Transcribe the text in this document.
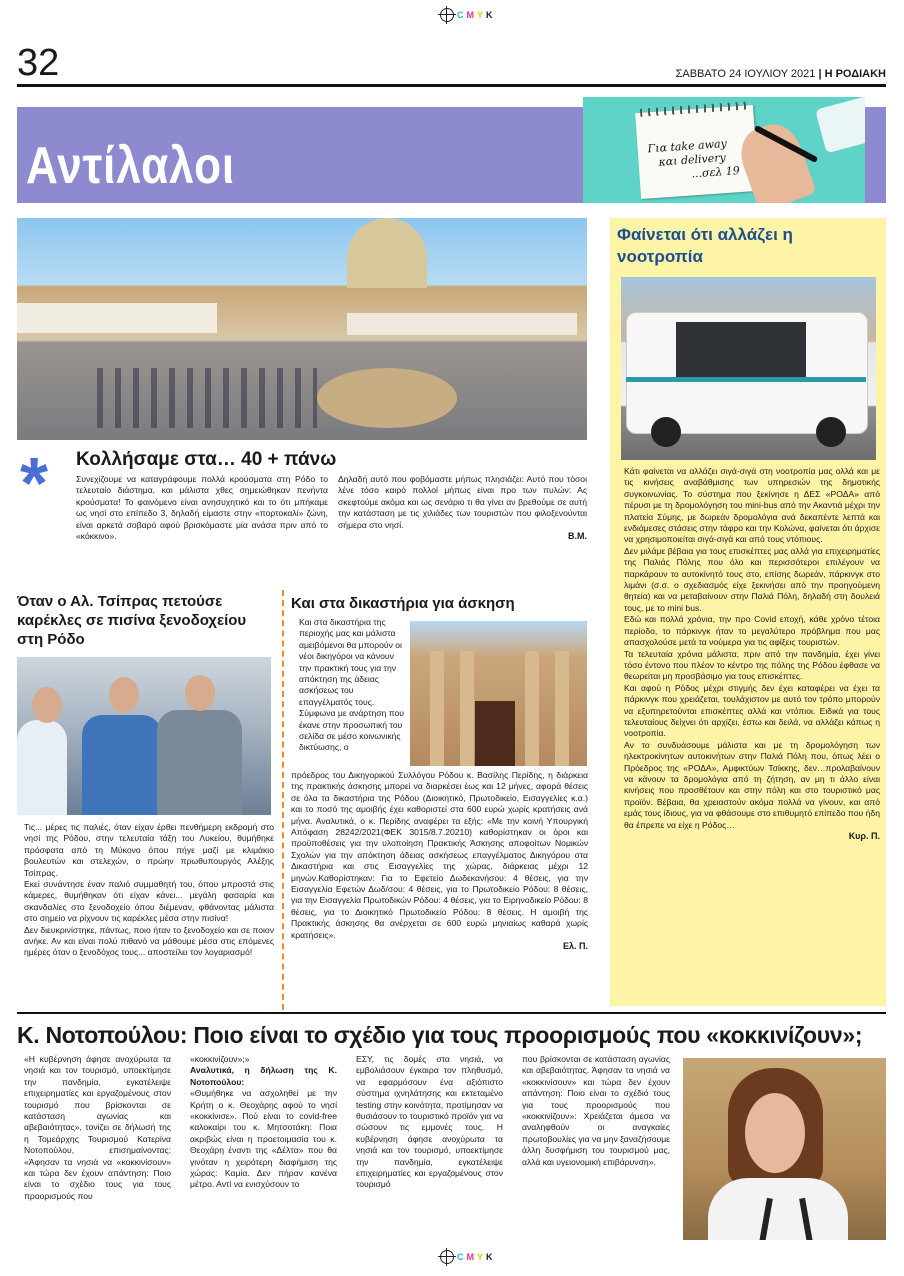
C M Y K
32	ΣΑΒΒΑΤΟ 24 ΙΟΥΛΙΟΥ 2021 | Η ΡΟΔΙΑΚΗ
Αντίλαλοι	Για take away
και delivery
...σελ 19
Φαίνεται ότι αλλάζει η νοοτροπία

Κάτι φαίνεται να αλλάζει σιγά-σιγά στη νοοτροπία μας ολλά και με τις κινήσεις αναβάθμισης των υπηρεσιών της δημοτικής συγκοινωνίας. Το σύστημα που ξεκίνησε η ΔΕΣ «ΡΟΔΑ» από πέρυσι με τη δρομολόγηση του mini-bus από την Ακαντιά μέχρι την πλατεία Σύμης, με δωρεάν δρομολόγια ανά δεκαπέντε λεπτά και ενδιάμεσες στάσεις στην τάφρο και την Κολώνα, φαίνεται ότι άρχισε να χρησιμοποιείται σιγά-σιγά και από τους ντόπιους.

Δεν μιλάμε βέβαια για τους επισκέπτες μας αλλά για επιχειρηματίες της Παλιάς Πόλης που όλο και περισσότεροι επιλέγουν να παρκάρουν το αυτοκίνητό τους στο, επίσης δωρεάν, πάρκινγκ στο λιμάνι (σ.σ. ο σχεδιασμός είχε ξεκινήσει από την προηγούμενη θητεία) και να μεταβαίνουν στην Παλιά Πόλη, δηλαδή στη δουλειά τους, με το mini bus.

Εδώ και πολλά χρόνια, την προ Covid εποχή, κάθε χρόνο τέτοια περίοδο, το πάρκινγκ ήταν το μεγαλύτερο πρόβλημα που μας απασχολούσε μετά τα νούμερα για τις αφίξεις τουριστών.

Τα τελευταία χρόνια μάλιστα, πριν από την πανδημία, έχει γίνει τόσο έντονο που πλέον το κέντρο της πόλης της Ρόδου έφθασε να θεωρείται μη προσβάσιμο για τους επισκέπτες.

Και αφού η Ρόδος μέχρι στιγμής δεν έχει καταφέρει να έχει τα πάρκινγκ που χρειάζεται, τουλάχιστον με αυτό τον τρόπο μπορούν να εξυπηρετούνται επισκέπτες αλλά και ντόπιοι. Ειδικά για τους τελευταίους δείχνει ότι αρχίζει, έστω και δειλά, να αλλάζει κάπως η νοοτροπία.

Αν το συνδυάσουμε μάλιστα και με τη δρομολόγηση των ηλεκτροκίνητων αυτοκινήτων στην Παλιά Πόλη που, όπως λέει ο Πρόεδρος της «ΡΟΔΑ», Αμφικτύων Τσίκκης, δεν…προλαβαίνουν να κάνουν τα δρομολόγια από τη ζήτηση, αν μη τι άλλο είναι κινήσεις που προσθέτουν και στην πόλη και στο τουριστικό μας προϊόν. Βέβαια, θα χρειαστούν ακόμα πολλά να γίνουν, και από εμάς τους ίδιους, για να φθάσουμε στο επιθυμητό επίπεδο που ήδη θα έπρεπε να είχε η Ρόδος…

Κυρ. Π.
*	Κολλήσαμε στα… 40 + πάνω

Συνεχίζουμε να καταγράφουμε πολλά κρούσματα στη Ρόδο το τελευταίο διάστημα, και μάλιστα χθες σημειώθηκαν πενήντα κρούσματα! Το φαινόμενο είναι ανησυχητικό και το ότι μπήκαμε ως νησί στο επίπεδο 3, δηλαδή είμαστε στην «πορτοκαλί» ζώνη, είναι αρκετά σοβαρό αφού βρισκόμαστε μία ανάσα πριν από το «κόκκινο».

Δηλαδή αυτό που φοβόμαστε μήπως πλησιάζει: Αυτό που τόσοι λένε τόσο καιρό πολλοί μήπως είναι προ των πυλών: Ας σκεφτούμε ακόμα και ως σενάριο τι θα γίνει αν βρεθούμε σε αυτή την κατάσταση με τις χιλιάδες των τουριστών που φιλοξενούνται σήμερα στο νησί.

Β.Μ.
Όταν ο Αλ. Τσίπρας πετούσε καρέκλες σε πισίνα ξενοδοχείου στη Ρόδο

Τις... μέρες τις παλιές, όταν είχαν έρθει πενθήμερη εκδρομή στο νησί της Ρόδου, στην τελευταία τάξη του Λυκείου, θυμήθηκε πρόσφατα από τη Μύκονο όπου πήγε μαζί με κλιμάκιο βουλευτών και στελεχών, ο πρώην πρωθυπουργός Αλέξης Τσίπρας.

Εκεί συνάντησε έναν παλιό συμμαθητή του, όπου μπροστά στις κάμερες, θυμήθηκαν ότι είχαν κάνει... μεγάλη φασαρία και σκανδαλίες στο ξενοδοχείο όπου διέμεναν, φθάνοντας μάλιστα στο σημείο να ρίχνουν τις καρέκλες μέσα στην πισίνα!

Δεν διευκρινίστηκε, πάντως, ποιο ήταν το ξενοδοχείο και σε ποιον ανήκε. Αν και είναι πολύ πιθανό να μάθουμε μέσα στις επόμενες ημέρες όταν ο ξενοδόχος τους... αποστείλει τον λογαριασμό!

Και στα δικαστήρια για άσκηση

Και στα δικαστήρια της περιοχής μας και μάλιστα αμειβόμενοι θα μπορούν οι νέοι δικηγόροι να κάνουν την πρακτική τους για την απόκτηση της άδειας ασκήσεως του επαγγέλματός τους. Σύμφωνα με ανάρτηση που έκανε στην προσωπική του σελίδα σε μέσο κοινωνικής δικτύωσης, ο

πρόεδρος του Δικηγορικού Συλλόγου Ρόδου κ. Βασίλης Περίδης, η διάρκεια της πρακτικής άσκησης μπορεί να διαρκέσει έως και 12 μήνες, αφορά θέσεις σε όλα τα δικαστήρια της Ρόδου (Διοικητικό, Πρωτοδικείο, Εισαγγελίες κ.α.) και το ποσό της αμοιβής έχει καθοριστεί στα 600 ευρώ χωρίς κρατήσεις ανά μήνα. Αναλυτικά, ο κ. Περίδης αναφέρει τα εξής: «Με την κοινή Υπουργική Απόφαση 28242/2021(ΦΕΚ 3015/8.7.20210) καθορίστηκαν οι όροι και προϋποθέσεις για την υλοποίηση Πρακτικής Άσκησης αποφοίτων Νομικών Σχολών για την απόκτηση άδειας ασκήσεως επαγγέλματος Δικηγόρου στα Δικαστήρια και στις Εισαγγελίες της χώρας, διάρκειας μέχρι 12 μηνών.Καθορίστηκαν: Για το Εφετείο Δωδεκανήσου: 4 θέσεις, για την Εισαγγελία Εφετών Δωδ/σου: 4 θέσεις, για το Πρωτοδικείο Ρόδου: 8 θέσεις, για την Εισαγγελία Πρωτοδικών Ρόδου: 4 θέσεις, για το Ειρηνοδικείο Ρόδου: 8 θέσεις, για το Διοικητικό Πρωτοδικείο Ρόδου: 8 θέσεις. Η αμοιβή της Πρακτικής άσκησης θα ανέρχεται σε 600 ευρώ μηνιαίως καθαρά χωρίς κρατήσεις».

Ελ. Π.
Κ. Νοτοπούλου: Ποιο είναι το σχέδιο για τους προορισμούς που «κοκκινίζουν»;

«Η κυβέρνηση άφησε ανοχύρωτα τα νησιά και τον τουρισμό, υποεκτίμησε την πανδημία, εγκατέλειψε επιχειρηματίες και εργαζομένους στον τουρισμό που βρίσκονται σε κατάσταση αγωνίας και αβεβαιότητας», τονίζει σε δήλωσή της η Τομεάρχης Τουρισμού Κατερίνα Νοτοπούλου, επισημαίνοντας: «Άφησαν τα νησιά να «κοκκινίσουν» και τώρα δεν έχουν απάντηση: Ποιο είναι το σχέδιο τους για τους προορισμούς που

«κοκκινίζουν»;»

Αναλυτικά, η δήλωση της Κ. Νοτοπούλου:

«Θυμήθηκε να ασχοληθεί με την Κρήτη ο κ. Θεοχάρης αφού το νησί «κοκκίνισε». Πού είναι το covid-free καλοκαίρι του κ. Μητσοτάκη: Ποια ακριβώς είναι η προετοιμασία του κ. Θεοχάρη έναντι της «Δέλτα» που θα γινόταν η χειρότερη διαφήμιση της χώρας: Καμία. Δεν πήραν κανένα μέτρο. Αντί να ενισχύσουν το

ΕΣΥ, τις δομές στα νησιά, να εμβολιάσουν έγκαιρα τον πληθυσμό, να εφαρμόσουν ένα αξιόπιστο σύστημα ιχνηλάτησης και εκτεταμένο testing στην κοινότητα, προτίμησαν να θυσιάσουν το τουριστικό προϊόν για να σώσουν τις εμμονές τους. Η κυβέρνηση άφησε ανοχύρωτα τα νησιά και τον τουρισμό, υποεκτίμησε την πανδημία, εγκατέλειψε επιχειρηματίες και εργαζομένους στον τουρισμό

που βρίσκονται σε κατάσταση αγωνίας και αβεβαιότητας. Άφησαν τα νησιά να «κοκκινίσουν» και τώρα δεν έχουν απάντηση: Ποιο είναι το σχέδιό τους για τους προορισμούς που «κοκκινίζουν»: Χρειάζεται άμεσα να αναληφθούν οι αναγκαίες πρωτοβουλίες για να μην ξαναζήσουμε άλλη δυσφήμιση του τουρισμού μας, αλλά και υγειονομική επιβάρυνση».

C M Y K
